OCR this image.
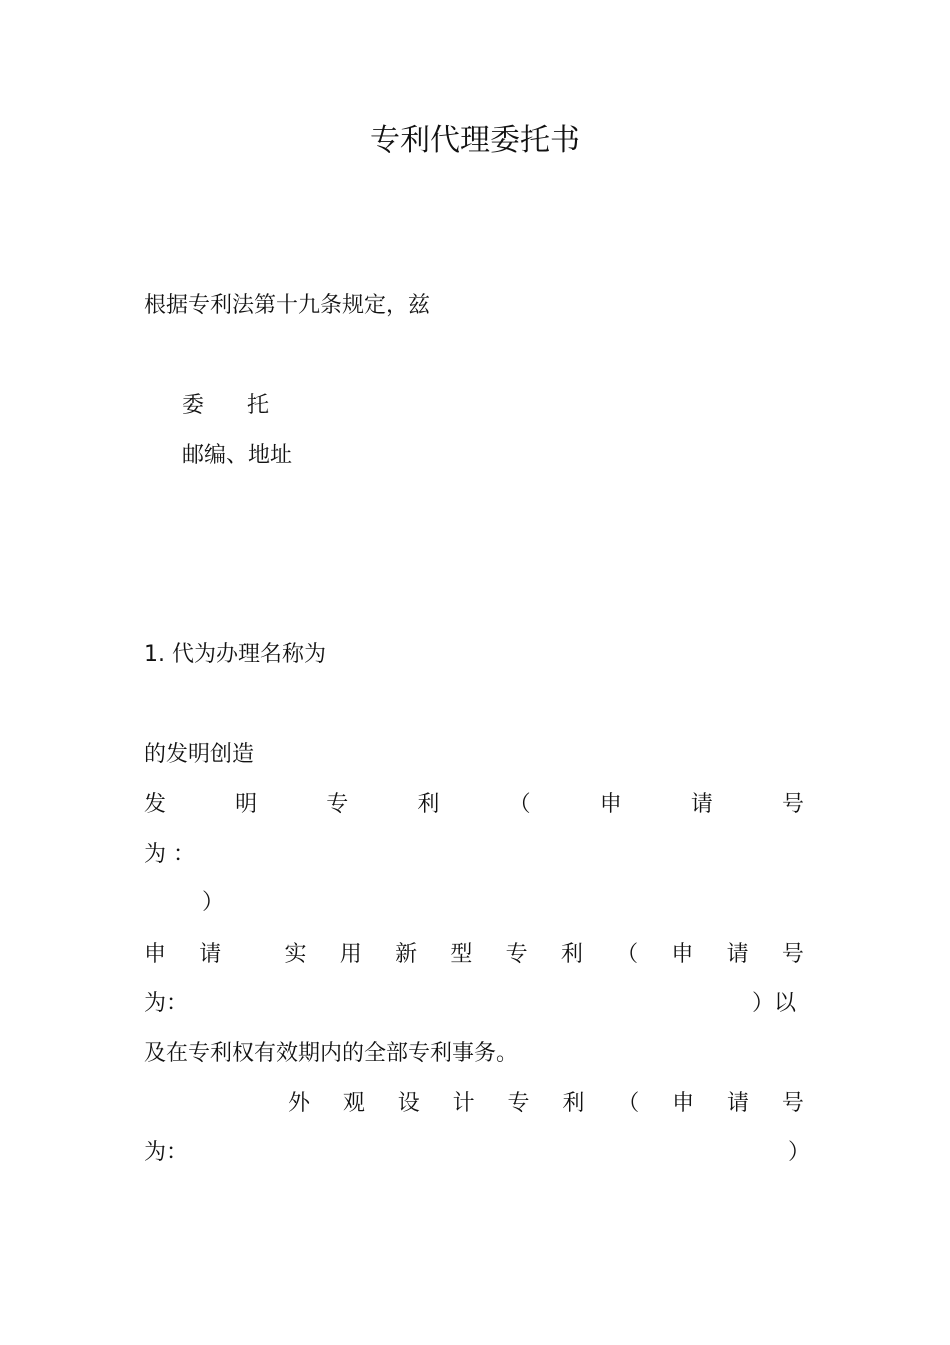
专利代理委托书
根据专利法第十九条规定，兹
委 托
邮编、地址
1. 代为办理名称为
的发明创造
发	明	专	利	（	申	请	号
为 ：
）
申 请	实 用 新 型 专 利 （ 申 请 号
为：	）以
及在专利权有效期内的全部专利事务。
外 观 设 计 专 利 （ 申 请 号
为：	）
